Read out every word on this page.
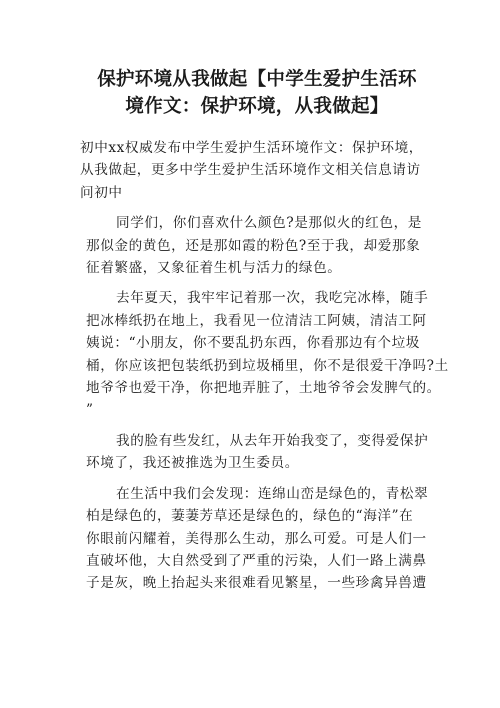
保护环境从我做起【中学生爱护生活环
境作文：保护环境，从我做起】
初中xx权威发布中学生爱护生活环境作文：保护环境，
从我做起，更多中学生爱护生活环境作文相关信息请访
问初中
同学们，你们喜欢什么颜色?是那似火的红色，是
那似金的黄色，还是那如霞的粉色?至于我，却爱那象
征着繁盛，又象征着生机与活力的绿色。
去年夏天，我牢牢记着那一次，我吃完冰棒，随手
把冰棒纸扔在地上，我看见一位清洁工阿姨，清洁工阿
姨说：“小朋友，你不要乱扔东西，你看那边有个垃圾
桶，你应该把包装纸扔到垃圾桶里，你不是很爱干净吗?土
地爷爷也爱干净，你把地弄脏了，土地爷爷会发脾气的。
”
我的脸有些发红，从去年开始我变了，变得爱保护
环境了，我还被推选为卫生委员。
在生活中我们会发现：连绵山峦是绿色的，青松翠
柏是绿色的，萋萋芳草还是绿色的，绿色的“海洋”在
你眼前闪耀着，美得那么生动，那么可爱。可是人们一
直破坏他，大自然受到了严重的污染，人们一路上满鼻
子是灰，晚上抬起头来很难看见繁星，一些珍禽异兽遭
